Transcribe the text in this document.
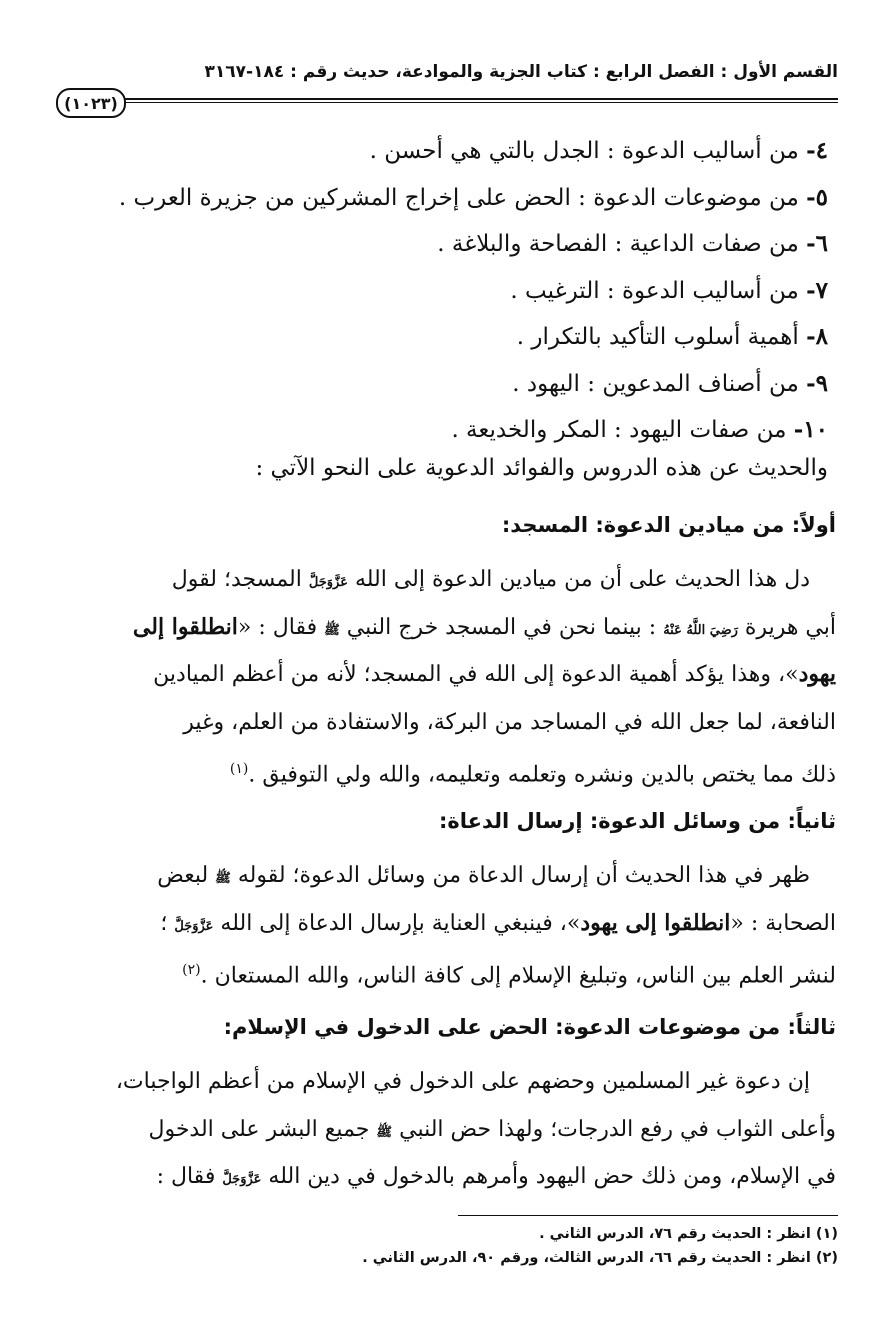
القسم الأول : الفصل الرابع : كتاب الجزية والموادعة، حديث رقم : ١٨٤-٣١٦٧
(١٠٢٣)
٤- من أساليب الدعوة : الجدل بالتي هي أحسن .
٥- من موضوعات الدعوة : الحض على إخراج المشركين من جزيرة العرب .
٦- من صفات الداعية : الفصاحة والبلاغة .
٧- من أساليب الدعوة : الترغيب .
٨- أهمية أسلوب التأكيد بالتكرار .
٩- من أصناف المدعوين : اليهود .
١٠- من صفات اليهود : المكر والخديعة .
والحديث عن هذه الدروس والفوائد الدعوية على النحو الآتي :
أولاً: من ميادين الدعوة: المسجد:
دل هذا الحديث على أن من ميادين الدعوة إلى الله عَزَّوَجَلَّ المسجد؛ لقول
أبي هريرة رَضِيَ اللَّهُ عَنْهُ : بينما نحن في المسجد خرج النبي ﷺ فقال : «انطلقوا إلى
يهود»، وهذا يؤكد أهمية الدعوة إلى الله في المسجد؛ لأنه من أعظم الميادين
النافعة، لما جعل الله في المساجد من البركة، والاستفادة من العلم، وغير
ذلك مما يختص بالدين ونشره وتعلمه وتعليمه، والله ولي التوفيق .$^{(١)}$
ثانياً: من وسائل الدعوة: إرسال الدعاة:
ظهر في هذا الحديث أن إرسال الدعاة من وسائل الدعوة؛ لقوله ﷺ لبعض
الصحابة : «انطلقوا إلى يهود»، فينبغي العناية بإرسال الدعاة إلى الله عَزَّوَجَلَّ ؛
لنشر العلم بين الناس، وتبليغ الإسلام إلى كافة الناس، والله المستعان .$^{(٢)}$
ثالثاً: من موضوعات الدعوة: الحض على الدخول في الإسلام:
إن دعوة غير المسلمين وحضهم على الدخول في الإسلام من أعظم الواجبات،
وأعلى الثواب في رفع الدرجات؛ ولهذا حض النبي ﷺ جميع البشر على الدخول
في الإسلام، ومن ذلك حض اليهود وأمرهم بالدخول في دين الله عَزَّوَجَلَّ فقال :
(١) انظر : الحديث رقم ٧٦، الدرس الثاني .
(٢) انظر : الحديث رقم ٦٦، الدرس الثالث، ورقم ٩٠، الدرس الثاني .
